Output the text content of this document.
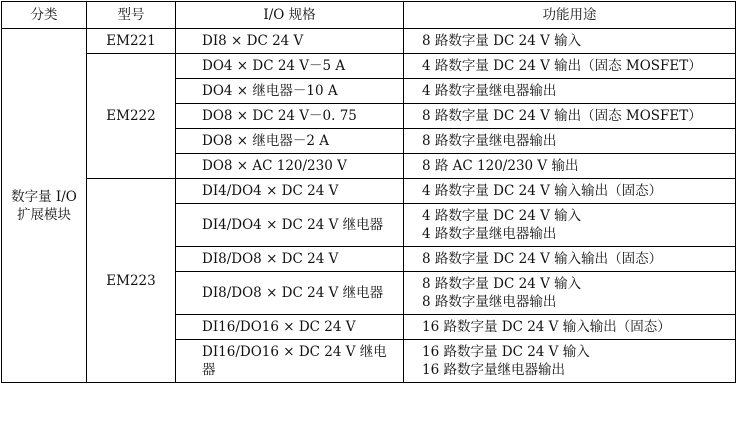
分类	型号	I/O 规格	功能用途
数字量 I/O 扩展模块	EM221	DI8 × DC 24 V	8 路数字量 DC 24 V 输入

	EM222	DO4 × DC 24 V－5 A	4 路数字量 DC 24 V 输出（固态 MOSFET）

		DO4 × 继电器－10 A	4 路数字量继电器输出

		DO8 × DC 24 V－0. 75	8 路数字量 DC 24 V 输出（固态 MOSFET）

		DO8 × 继电器－2 A	8 路数字量继电器输出

		DO8 × AC 120/230 V	8 路 AC 120/230 V 输出

	EM223	DI4/DO4 × DC 24 V	4 路数字量 DC 24 V 输入输出（固态）

		DI4/DO4 × DC 24 V 继电器	4 路数字量 DC 24 V 输入
4 路数字量继电器输出

		DI8/DO8 × DC 24 V	8 路数字量 DC 24 V 输入输出（固态）

		DI8/DO8 × DC 24 V 继电器	8 路数字量 DC 24 V 输入
8 路数字量继电器输出

		DI16/DO16 × DC 24 V	16 路数字量 DC 24 V 输入输出（固态）

		DI16/DO16 × DC 24 V 继电器	16 路数字量 DC 24 V 输入
16 路数字量继电器输出
